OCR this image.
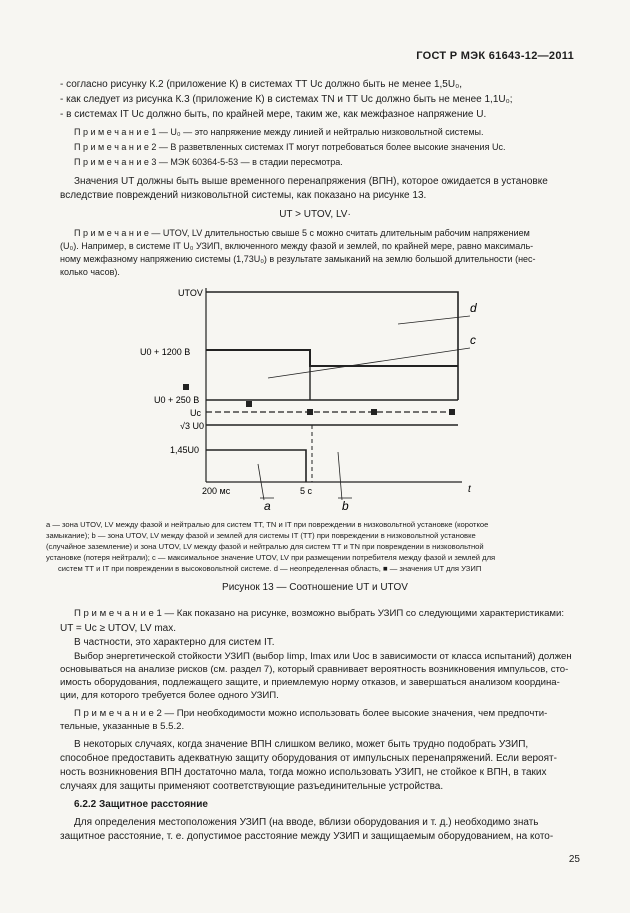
ГОСТ Р МЭК 61643-12—2011
- согласно рисунку К.2 (приложение К) в системах ТТ Uc должно быть не менее 1,5U₀,
- как следует из рисунка К.3 (приложение К) в системах TN и ТТ Uc должно быть не менее 1,1U₀;
- в системах IT Uc должно быть, по крайней мере, таким же, как межфазное напряжение U.
П р и м е ч а н и е 1 — U₀ — это напряжение между линией и нейтралью низковольтной системы.
П р и м е ч а н и е 2 — В разветвленных системах IT могут потребоваться более высокие значения Uc.
П р и м е ч а н и е 3 — МЭК 60364-5-53 — в стадии пересмотра.
Значения UT должны быть выше временного перенапряжения (ВПН), которое ожидается в установке
вследствие повреждений низковольтной системы, как показано на рисунке 13.
UT > UTOV, LV·
П р и м е ч а н и е — UTOV, LV длительностью свыше 5 с можно считать длительным рабочим напряжением
(U₀). Например, в системе IT U₀ УЗИП, включенного между фазой и землей, по крайней мере, равно максималь-
ному межфазному напряжению системы (1,73U₀) в результате замыканий на землю большой длительности (нес-
колько часов).
UTOV
U0 + 1200 В
U0 + 250 В
Uc
√3 U0
1,45U0
d
c
a	b
200 мс	5 с	t
a — зона UTOV, LV между фазой и нейтралью для систем ТТ, TN и IT при повреждении в низковольтной установке (короткое
замыкание); b — зона UTOV, LV между фазой и землей для системы IT (ТТ) при повреждении в низковольтной установке
(случайное заземление) и зона UTOV, LV между фазой и нейтралью для систем ТТ и TN при повреждении в низковольтной
установке (потеря нейтрали); c — максимальное значение UTOV, LV при размещении потребителя между фазой и землей для
систем ТТ и IT при повреждении в высоковольтной системе. d — неопределенная область, ■ — значения UT для УЗИП
Рисунок 13 — Соотношение UT и UTOV
П р и м е ч а н и е 1 — Как показано на рисунке, возможно выбрать УЗИП со следующими характеристиками:
UT = Uc ≥ UTOV, LV max.
В частности, это характерно для систем IT.
Выбор энергетической стойкости УЗИП (выбор Iimp, Imax или Uoc в зависимости от класса испытаний) должен
основываться на анализе рисков (см. раздел 7), который сравнивает вероятность возникновения импульсов, сто-
имость оборудования, подлежащего защите, и приемлемую норму отказов, и завершаться анализом координа-
ции, для которого требуется более одного УЗИП.
П р и м е ч а н и е 2 — При необходимости можно использовать более высокие значения, чем предпочти-
тельные, указанные в 5.5.2.
В некоторых случаях, когда значение ВПН слишком велико, может быть трудно подобрать УЗИП,
способное предоставить адекватную защиту оборудования от импульсных перенапряжений. Если вероят-
ность возникновения ВПН достаточно мала, тогда можно использовать УЗИП, не стойкое к ВПН, в таких
случаях для защиты применяют соответствующие разъединительные устройства.
6.2.2 Защитное расстояние
Для определения местоположения УЗИП (на вводе, вблизи оборудования и т. д.) необходимо знать
защитное расстояние, т. е. допустимое расстояние между УЗИП и защищаемым оборудованием, на кото-
25
